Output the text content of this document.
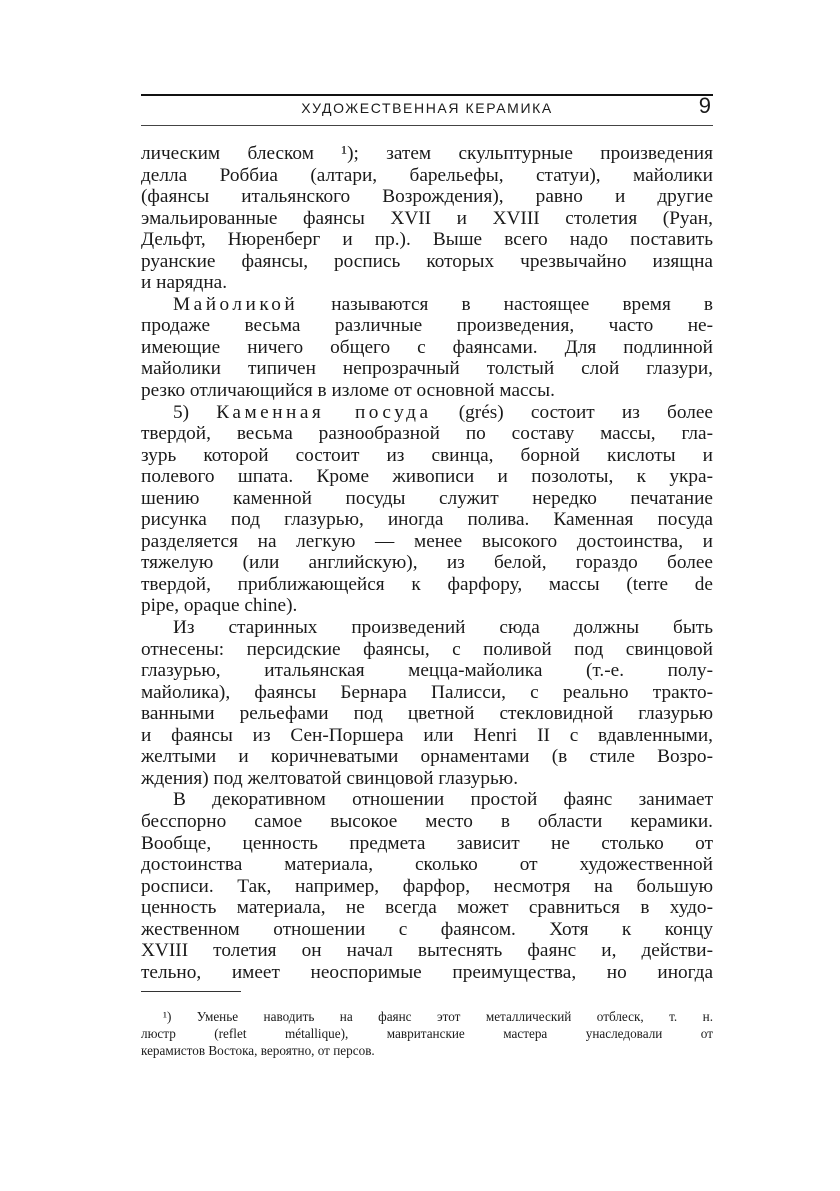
ХУДОЖЕСТВЕННАЯ КЕРАМИКА	9

лическим блеском ¹); затем скульптурные произведения
делла Роббиа (алтари, барельефы, статуи), майолики
(фаянсы итальянского Возрождения), равно и другие
эмальированные фаянсы XVII и XVIII столетия (Руан,
Дельфт, Нюренберг и пр.). Выше всего надо поставить
руанские фаянсы, роспись которых чрезвычайно изящна
и нарядна.

Майоликой называются в настоящее время в
продаже весьма различные произведения, часто не-
имеющие ничего общего с фаянсами. Для подлинной
майолики типичен непрозрачный толстый слой глазури,
резко отличающийся в изломе от основной массы.

5) Каменная посуда (grés) состоит из более
твердой, весьма разнообразной по составу массы, гла-
зурь которой состоит из свинца, борной кислоты и
полевого шпата. Кроме живописи и позолоты, к укра-
шению каменной посуды служит нередко печатание
рисунка под глазурью, иногда полива. Каменная посуда
разделяется на легкую — менее высокого достоинства, и
тяжелую (или английскую), из белой, гораздо более
твердой, приближающейся к фарфору, массы (terre de
pipe, opaque chine).

Из старинных произведений сюда должны быть
отнесены: персидские фаянсы, с поливой под свинцовой
глазурью, итальянская мецца-майолика (т.-е. полу-
майолика), фаянсы Бернара Палисси, с реально тракто-
ванными рельефами под цветной стекловидной глазурью
и фаянсы из Сен-Поршера или Henri II с вдавленными,
желтыми и коричневатыми орнаментами (в стиле Возро-
ждения) под желтоватой свинцовой глазурью.

В декоративном отношении простой фаянс занимает
бесспорно самое высокое место в области керамики.
Вообще, ценность предмета зависит не столько от
достоинства материала, сколько от художественной
росписи. Так, например, фарфор, несмотря на большую
ценность материала, не всегда может сравниться в худо-
жественном отношении с фаянсом. Хотя к концу
XVIII толетия он начал вытеснять фаянс и, действи-
тельно, имеет неоспоримые преимущества, но иногда

¹) Уменье наводить на фаянс этот металлический отблеск, т. н.
люстр (reflet métallique), мавританские мастера унаследовали от
керамистов Востока, вероятно, от персов.
